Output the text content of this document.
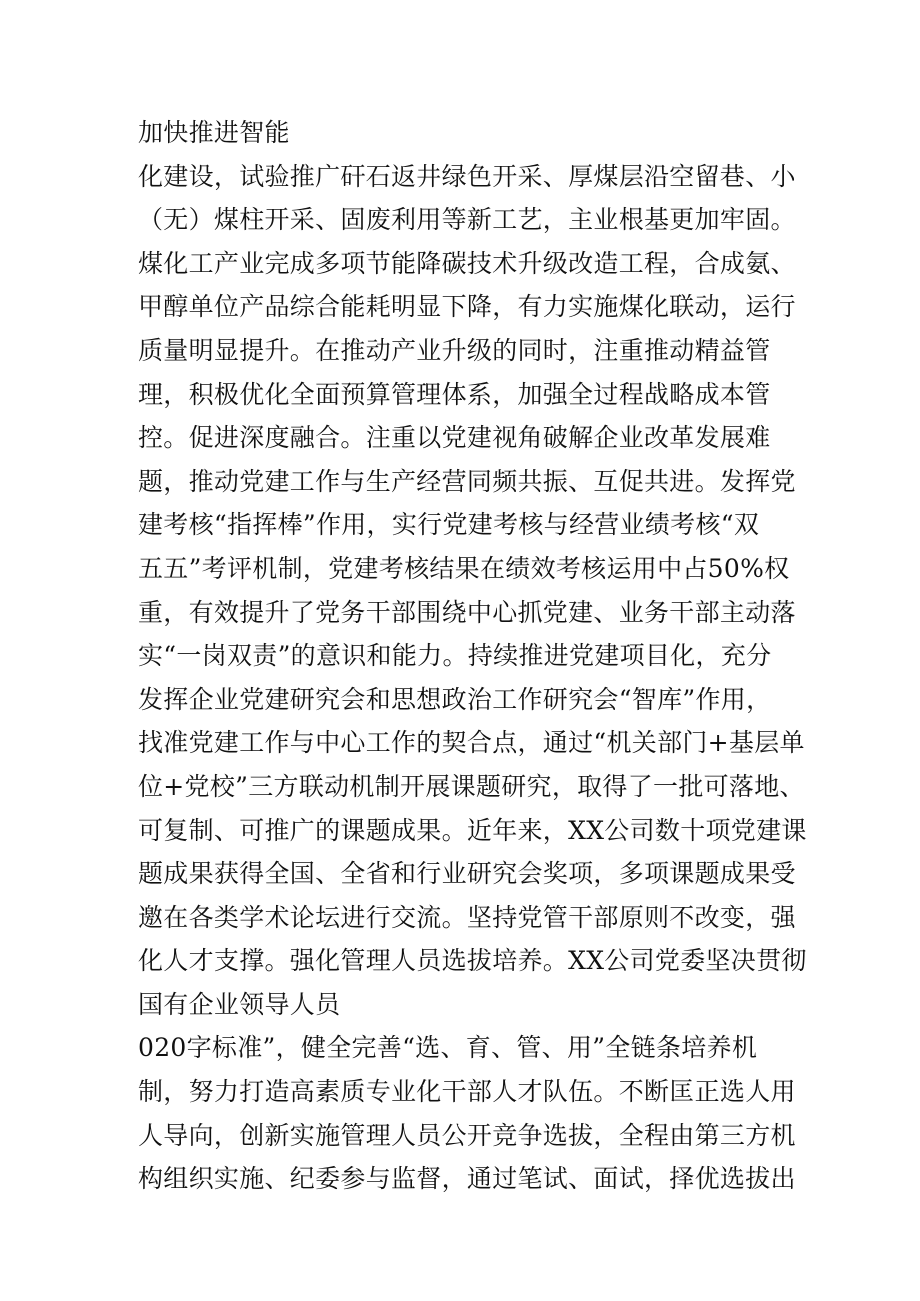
加快推进智能
化建设，试验推广矸石返井绿色开采、厚煤层沿空留巷、小
（无）煤柱开采、固废利用等新工艺，主业根基更加牢固。
煤化工产业完成多项节能降碳技术升级改造工程，合成氨、
甲醇单位产品综合能耗明显下降，有力实施煤化联动，运行
质量明显提升。在推动产业升级的同时，注重推动精益管
理，积极优化全面预算管理体系，加强全过程战略成本管
控。促进深度融合。注重以党建视角破解企业改革发展难
题，推动党建工作与生产经营同频共振、互促共进。发挥党
建考核“指挥棒”作用，实行党建考核与经营业绩考核“双
五五”考评机制，党建考核结果在绩效考核运用中占50%权
重，有效提升了党务干部围绕中心抓党建、业务干部主动落
实“一岗双责”的意识和能力。持续推进党建项目化，充分
发挥企业党建研究会和思想政治工作研究会“智库”作用，
找准党建工作与中心工作的契合点，通过“机关部门+基层单
位+党校”三方联动机制开展课题研究，取得了一批可落地、
可复制、可推广的课题成果。近年来，XX公司数十项党建课
题成果获得全国、全省和行业研究会奖项，多项课题成果受
邀在各类学术论坛进行交流。坚持党管干部原则不改变，强
化人才支撑。强化管理人员选拔培养。XX公司党委坚决贯彻
国有企业领导人员
020字标准”，健全完善“选、育、管、用”全链条培养机
制，努力打造高素质专业化干部人才队伍。不断匡正选人用
人导向，创新实施管理人员公开竞争选拔，全程由第三方机
构组织实施、纪委参与监督，通过笔试、面试，择优选拔出
